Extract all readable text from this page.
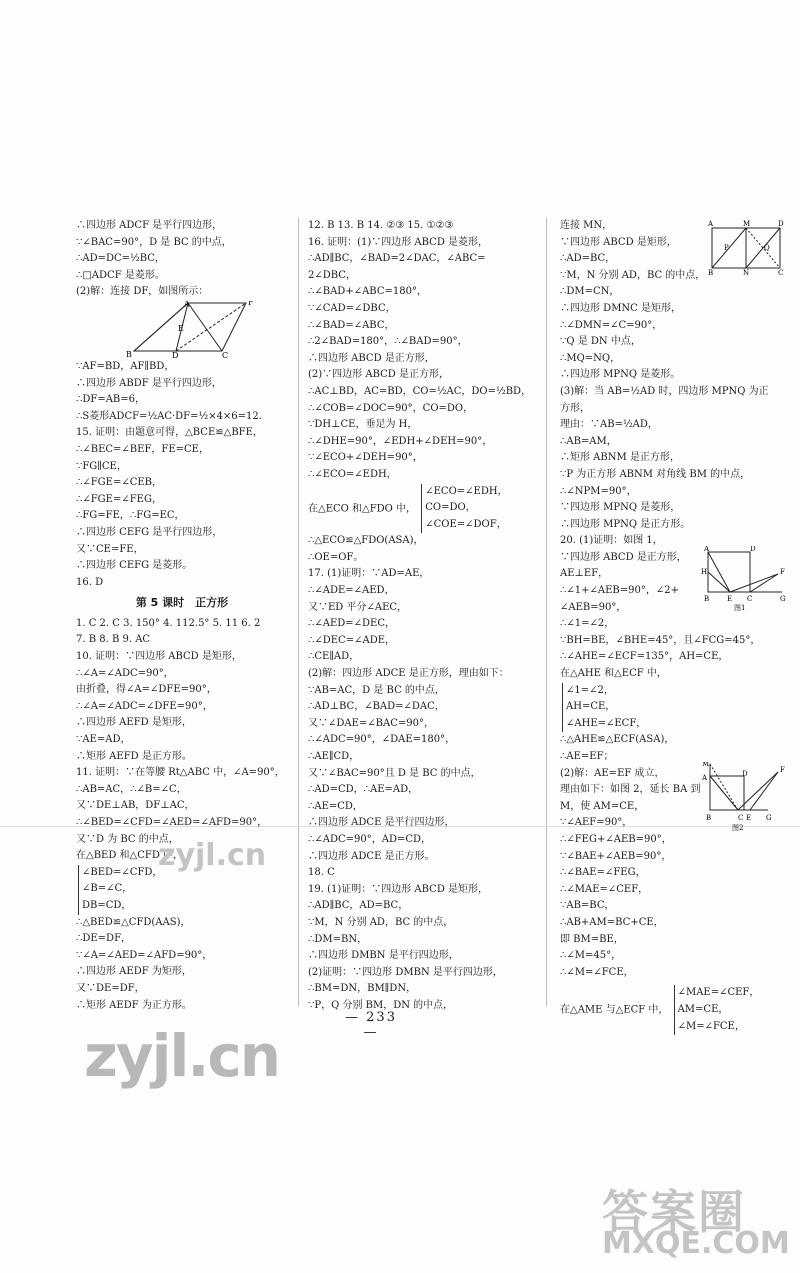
∴四边形 ADCF 是平行四边形，
∵∠BAC=90°，D 是 BC 的中点，
∴AD=DC=½BC，
∴□ADCF 是菱形。
(2)解：连接 DF，如图所示：
A	F
E
B	D	C
∵AF=BD，AF∥BD，
∴四边形 ABDF 是平行四边形，
∴DF=AB=6，
∴S菱形ADCF=½AC·DF=½×4×6=12.
15. 证明：由题意可得，△BCE≌△BFE，
∴∠BEC=∠BEF，FE=CE，
∵FG∥CE，
∴∠FGE=∠CEB，
∴∠FGE=∠FEG，
∴FG=FE，∴FG=EC，
∴四边形 CEFG 是平行四边形，
又∵CE=FE，
∴四边形 CEFG 是菱形。
16. D
第 5 课时　正方形
1. C 2. C 3. 150° 4. 112.5° 5. 11 6. 2
7. B 8. B 9. AC
10. 证明：∵四边形 ABCD 是矩形，
∴∠A=∠ADC=90°，
由折叠，得∠A=∠DFE=90°，
∴∠A=∠ADC=∠DFE=90°，
∴四边形 AEFD 是矩形，
∵AE=AD，
∴矩形 AEFD 是正方形。
11. 证明：∵在等腰 Rt△ABC 中，∠A=90°，
∴AB=AC，∴∠B=∠C，
又∵DE⊥AB，DF⊥AC，
∴∠BED=∠CFD=∠AED=∠AFD=90°，
又∵D 为 BC 的中点，
在△BED 和△CFD 中，
∠BED=∠CFD，
∠B=∠C，
DB=CD，
∴△BED≌△CFD(AAS)，
∴DE=DF，
∵∠A=∠AED=∠AFD=90°，
∴四边形 AEDF 为矩形，
又∵DE=DF，
∴矩形 AEDF 为正方形。
12. B 13. B 14. ②③ 15. ①②③
16. 证明：(1)∵四边形 ABCD 是菱形，
∴AD∥BC，∠BAD=2∠DAC，∠ABC=
2∠DBC，
∴∠BAD+∠ABC=180°，
∵∠CAD=∠DBC，
∴∠BAD=∠ABC，
∴2∠BAD=180°，∴∠BAD=90°，
∴四边形 ABCD 是正方形，
(2)∵四边形 ABCD 是正方形，
∴AC⊥BD，AC=BD，CO=½AC，DO=½BD，
∴∠COB=∠DOC=90°，CO=DO，
∵DH⊥CE，垂足为 H，
∴∠DHE=90°，∠EDH+∠DEH=90°，
∵∠ECO+∠DEH=90°，
∴∠ECO=∠EDH，
在△ECO 和△FDO 中，
∠ECO=∠EDH，
CO=DO，
∠COE=∠DOF，
∴△ECO≌△FDO(ASA)，
∴OE=OF。
17. (1)证明：∵AD=AE，
∴∠ADE=∠AED，
又∵ED 平分∠AEC，
∴∠AED=∠DEC，
∴∠DEC=∠ADE，
∴CE∥AD，
(2)解：四边形 ADCE 是正方形，理由如下：
∵AB=AC，D 是 BC 的中点，
∴AD⊥BC，∠BAD=∠DAC，
又∵∠DAE=∠BAC=90°，
∴∠ADC=90°，∠DAE=180°，
∴AE∥CD，
又∵∠BAC=90°且 D 是 BC 的中点，
∴AD=CD，∴AE=AD，
∴AE=CD，
∴四边形 ADCE 是平行四边形，
∴∠ADC=90°，AD=CD，
∴四边形 ADCE 是正方形。
18. C
19. (1)证明：∵四边形 ABCD 是矩形，
∴AD∥BC，AD=BC，
∵M，N 分别 AD，BC 的中点，
∴DM=BN，
∴四边形 DMBN 是平行四边形，
(2)证明：∵四边形 DMBN 是平行四边形，
∴BM=DN，BM∥DN，
∵P，Q 分别 BM，DN 的中点，
A	M	D
P	Q
B	N	C
连接 MN，
∵四边形 ABCD 是矩形，
∴AD=BC，
∵M，N 分别 AD，BC 的中点，
∴DM=CN，
∴四边形 DMNC 是矩形，
∴∠DMN=∠C=90°，
∵Q 是 DN 中点，
∴MQ=NQ，
∴四边形 MPNQ 是菱形。
(3)解：当 AB=½AD 时，四边形 MPNQ 为正
方形，
理由：∵AB=½AD，
∴AB=AM，
∴矩形 ABNM 是正方形，
∵P 为正方形 ABNM 对角线 BM 的中点，
∴∠NPM=90°，
∵四边形 MPNQ 是菱形，
∴四边形 MPNQ 是正方形。
20. (1)证明：如图 1，
A	D
H	F
B	E C	G
图1
∵四边形 ABCD 是正方形，
AE⊥EF，
∴∠1+∠AEB=90°，∠2+
∠AEB=90°，
∴∠1=∠2，
∵BH=BE，∠BHE=45°，且∠FCG=45°，
∴∠AHE=∠ECF=135°，AH=CE，
在△AHE 和△ECF 中，
∠1=∠2，
AH=CE，
∠AHE=∠ECF，
∴△AHE≌△ECF(ASA)，
∴AE=EF；
M
F
A	D
B	C E G
图2
(2)解：AE=EF 成立，
理由如下：如图 2，延长 BA 到
M，使 AM=CE，
∵∠AEF=90°，
∴∠FEG+∠AEB=90°，
∵∠BAE+∠AEB=90°，
∴∠BAE=∠FEG，
∴∠MAE=∠CEF，
∵AB=BC，
∴AB+AM=BC+CE，
即 BM=BE，
∴∠M=45°，
∴∠M=∠FCE，
在△AME 与△ECF 中，
∠MAE=∠CEF，
AM=CE，
∠M=∠FCE，
— 233 —
zyjl.cn
zyjl.cn
答案圈
MXQE.COM
